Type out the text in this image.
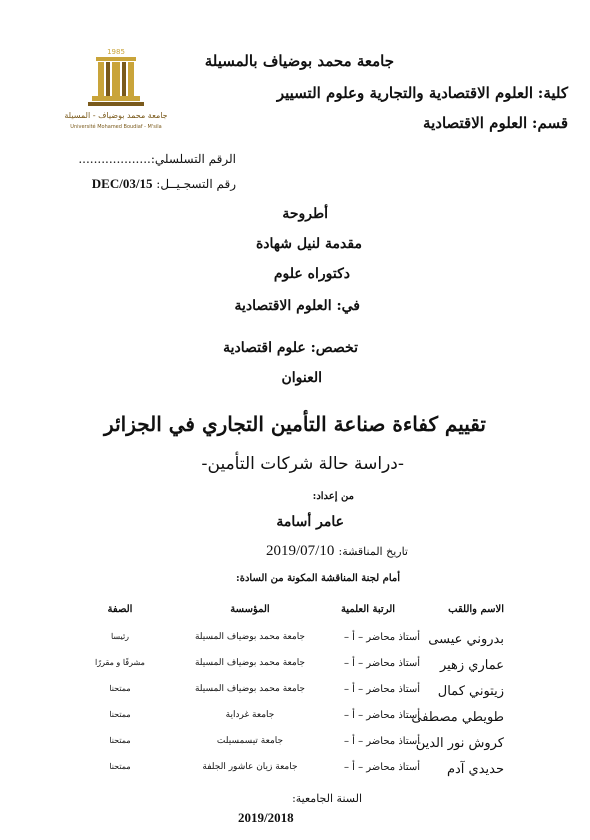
1985
جامعة محمد بوضياف - المسيلة
Université Mohamed Boudiaf - M'sila
جامعة محمد بوضياف بالمسيلة
كلية: العلوم الاقتصادية والتجارية وعلوم التسيير
قسم: العلوم الاقتصادية
الرقم التسلسلي:...................
رقم التسجـيــل: DEC/03/15
أطروحة
مقدمة لنيل شهادة
دكتوراه علوم
في: العلوم الاقتصادية
تخصص: علوم اقتصادية
العنوان
تقييم كفاءة صناعة التأمين التجاري في الجزائر
-دراسة حالة شركات التأمين-
من إعداد:
عامر أسامة
تاريخ المناقشة: 2019/07/10
أمام لجنة المناقشة المكونة من السادة:
الاسم واللقب
الرتبة العلمية
المؤسسة
الصفة
بدروني عيسى
أستاذ محاضر – أ –
جامعة محمد بوضياف المسيلة
رئيسا
عماري زهير
أستاذ محاضر – أ –
جامعة محمد بوضياف المسيلة
مشرفًا و مقررًا
زيتوني كمال
أستاذ محاضر – أ –
جامعة محمد بوضياف المسيلة
ممتحنا
طويطي مصطفى
أستاذ محاضر – أ –
جامعة غرداية
ممتحنا
كروش نور الدين
أستاذ محاضر – أ –
جامعة تيسمسيلت
ممتحنا
حديدي آدم
أستاذ محاضر – أ –
جامعة زيان عاشور الجلفة
ممتحنا
السنة الجامعية:
2019/2018
